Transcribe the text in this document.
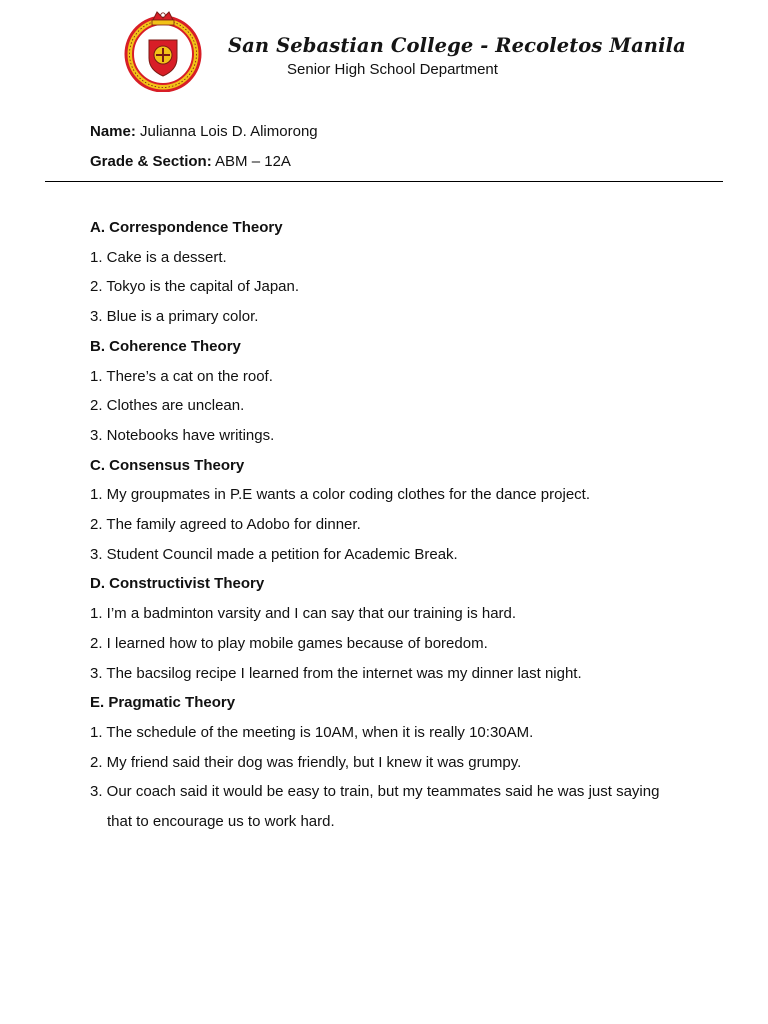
San Sebastian College - Recoletos Manila
Senior High School Department
Name: Julianna Lois D. Alimorong
Grade & Section: ABM – 12A
A. Correspondence Theory
1. Cake is a dessert.
2. Tokyo is the capital of Japan.
3. Blue is a primary color.
B. Coherence Theory
1. There’s a cat on the roof.
2. Clothes are unclean.
3. Notebooks have writings.
C. Consensus Theory
1. My groupmates in P.E wants a color coding clothes for the dance project.
2. The family agreed to Adobo for dinner.
3. Student Council made a petition for Academic Break.
D. Constructivist Theory
1. I’m a badminton varsity and I can say that our training is hard.
2. I learned how to play mobile games because of boredom.
3. The bacsilog recipe I learned from the internet was my dinner last night.
E. Pragmatic Theory
1. The schedule of the meeting is 10AM, when it is really 10:30AM.
2. My friend said their dog was friendly, but I knew it was grumpy.
3. Our coach said it would be easy to train, but my teammates said he was just saying that to encourage us to work hard.
